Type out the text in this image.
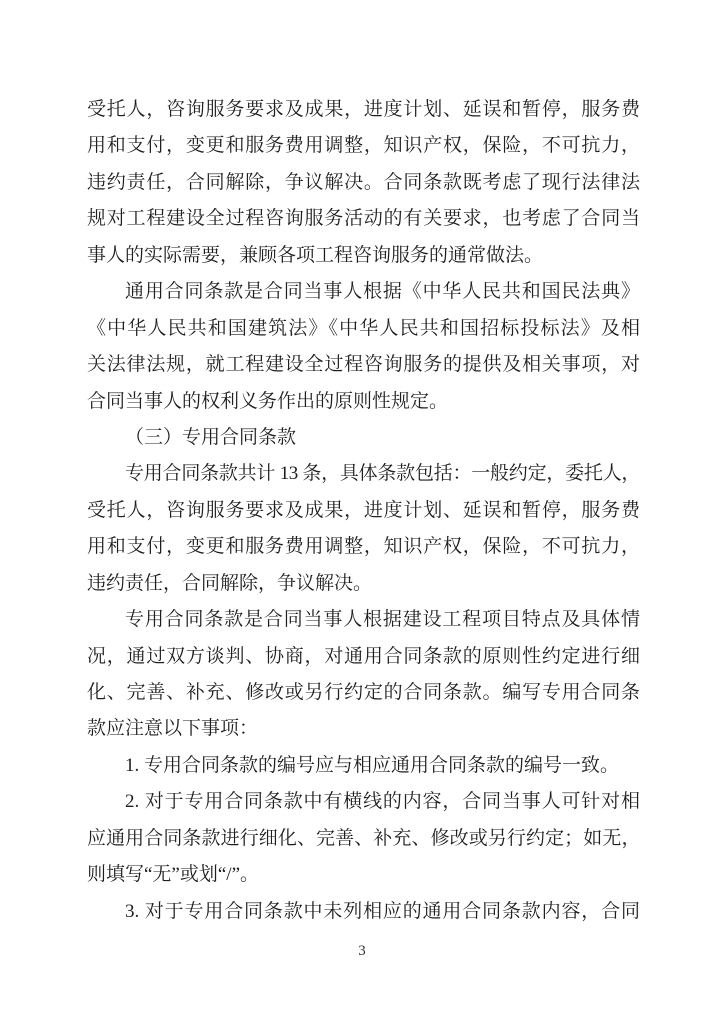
受托人，咨询服务要求及成果，进度计划、延误和暂停，服务费
用和支付，变更和服务费用调整，知识产权，保险，不可抗力，
违约责任，合同解除，争议解决。合同条款既考虑了现行法律法
规对工程建设全过程咨询服务活动的有关要求，也考虑了合同当
事人的实际需要，兼顾各项工程咨询服务的通常做法。
通用合同条款是合同当事人根据《中华人民共和国民法典》
《中华人民共和国建筑法》《中华人民共和国招标投标法》及相
关法律法规，就工程建设全过程咨询服务的提供及相关事项，对
合同当事人的权利义务作出的原则性规定。
（三）专用合同条款
专用合同条款共计 13 条，具体条款包括：一般约定，委托人，
受托人，咨询服务要求及成果，进度计划、延误和暂停，服务费
用和支付，变更和服务费用调整，知识产权，保险，不可抗力，
违约责任，合同解除，争议解决。
专用合同条款是合同当事人根据建设工程项目特点及具体情
况，通过双方谈判、协商，对通用合同条款的原则性约定进行细
化、完善、补充、修改或另行约定的合同条款。编写专用合同条
款应注意以下事项：
1. 专用合同条款的编号应与相应通用合同条款的编号一致。
2. 对于专用合同条款中有横线的内容，合同当事人可针对相
应通用合同条款进行细化、完善、补充、修改或另行约定；如无，
则填写“无”或划“/”。
3. 对于专用合同条款中未列相应的通用合同条款内容，合同
3
